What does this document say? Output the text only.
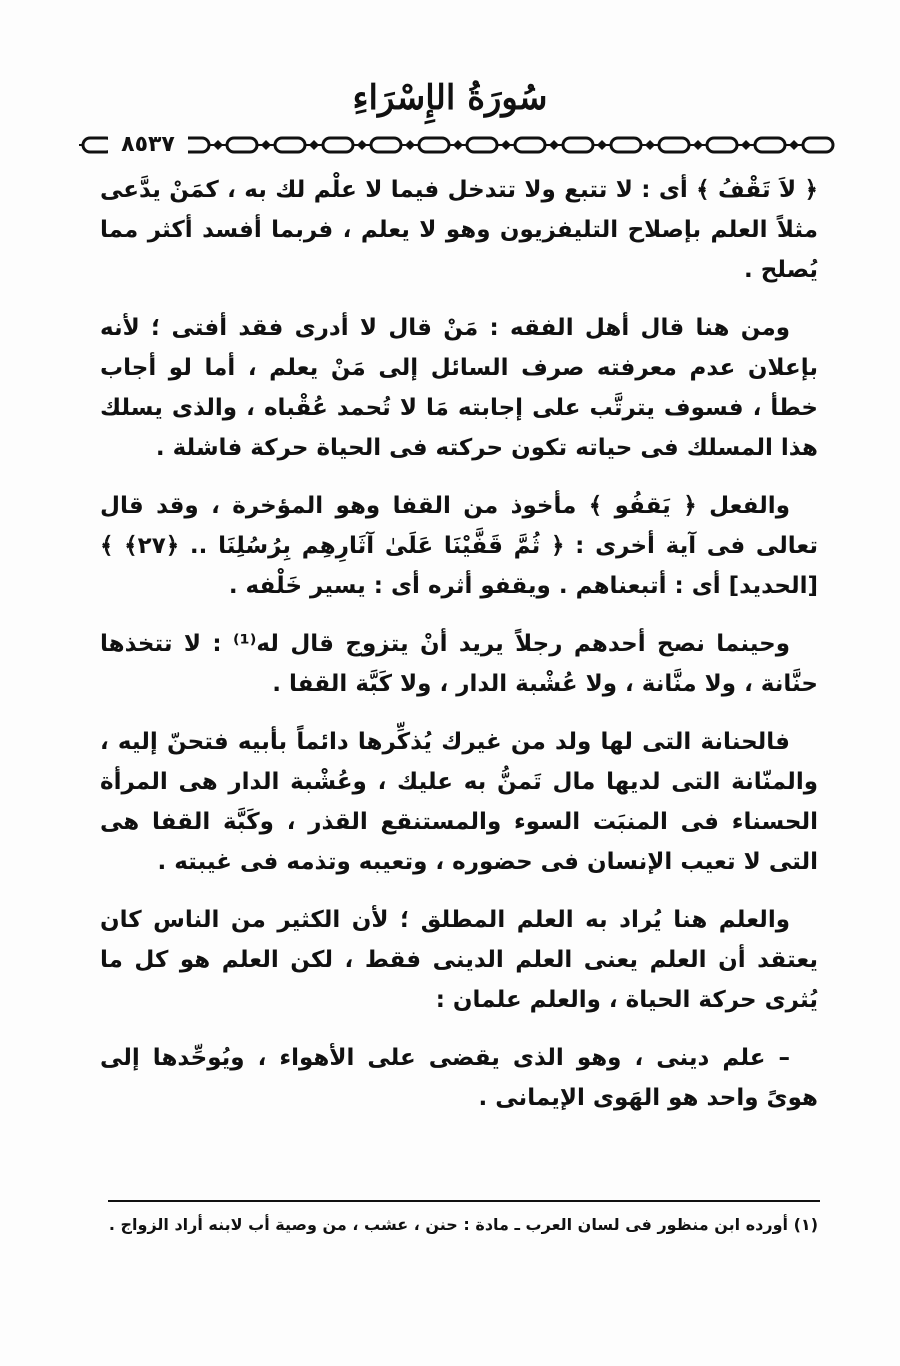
سُورَةُ الإِسْرَاءِ
٨٥٣٧

﴿ لاَ تَقْفُ ﴾ أى : لا تتبع ولا تتدخل فيما لا علْم لك به ، كمَنْ يدَّعى مثلاً العلم بإصلاح التليفزيون وهو لا يعلم ، فربما أفسد أكثر مما يُصلح .

ومن هنا قال أهل الفقه : مَنْ قال لا أدرى فقد أفتى ؛ لأنه بإعلان عدم معرفته صرف السائل إلى مَنْ يعلم ، أما لو أجاب خطأ ، فسوف يترتَّب على إجابته مَا لا تُحمد عُقْباه ، والذى يسلك هذا المسلك فى حياته تكون حركته فى الحياة حركة فاشلة .

والفعل ﴿ يَقفُو ﴾ مأخوذ من القفا وهو المؤخرة ، وقد قال تعالى فى آية أخرى : ﴿ ثُمَّ قَفَّيْنَا عَلَىٰ آثَارِهِم بِرُسُلِنَا .. ﴿٢٧﴾ ﴾ [الحديد] أى : أتبعناهم . ويقفو أثره أى : يسير خَلْفه .

وحينما نصح أحدهم رجلاً يريد أنْ يتزوج قال له⁽¹⁾ : لا تتخذها حنَّانة ، ولا منَّانة ، ولا عُشْبة الدار ، ولا كَبَّة القفا .

فالحنانة التى لها ولد من غيرك يُذكِّرها دائماً بأبيه فتحنّ إليه ، والمنّانة التى لديها مال تَمنُّ به عليك ، وعُشْبة الدار هى المرأة الحسناء فى المنبَت السوء والمستنقع القذر ، وكَبَّة القفا هى التى لا تعيب الإنسان فى حضوره ، وتعيبه وتذمه فى غيبته .

والعلم هنا يُراد به العلم المطلق ؛ لأن الكثير من الناس كان يعتقد أن العلم يعنى العلم الدينى فقط ، لكن العلم هو كل ما يُثرى حركة الحياة ، والعلم علمان :

– علم دينى ، وهو الذى يقضى على الأهواء ، ويُوحِّدها إلى هوىً واحد هو الهَوى الإيمانى .

(١) أورده ابن منظور فى لسان العرب ـ مادة : حنن ، عشب ، من وصية أب لابنه أراد الزواج .
